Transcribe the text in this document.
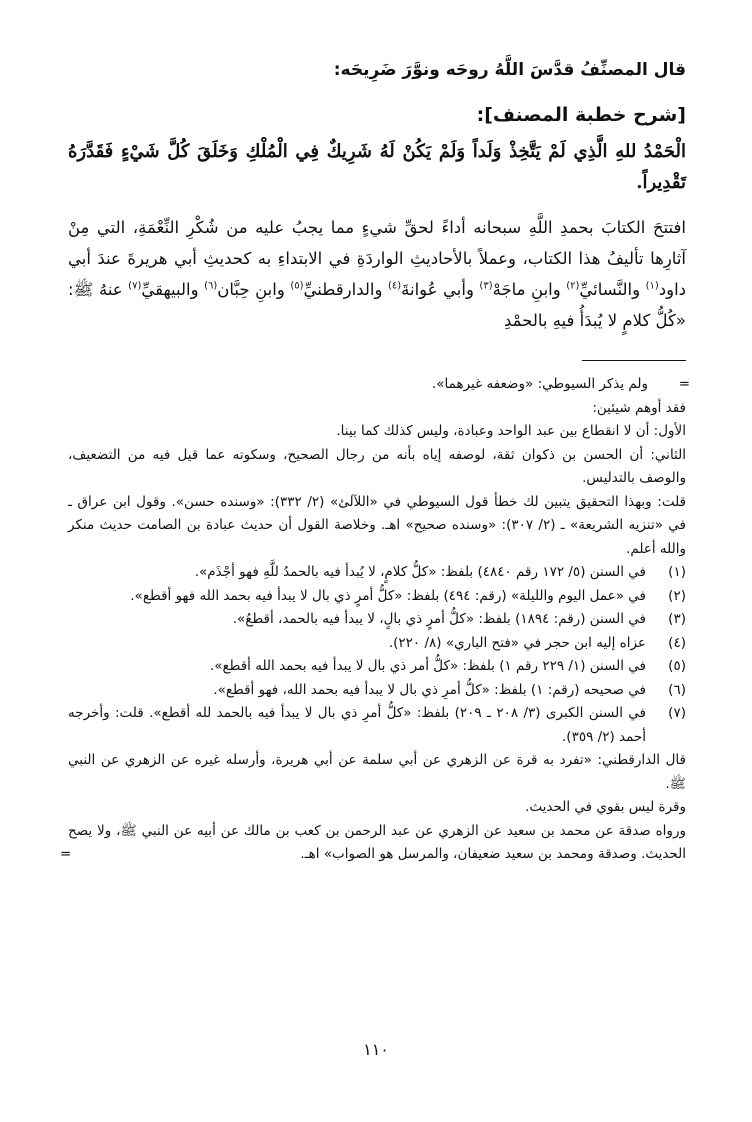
قال المصنِّفُ قدَّسَ اللَّهُ روحَه ونوَّرَ ضَرِيحَه:

[شرح خطبة المصنف]:

الْحَمْدُ للهِ الَّذِي لَمْ يَتَّخِذْ وَلَداً وَلَمْ يَكُنْ لَهُ شَرِيكٌ فِي الْمُلْكِ وَخَلَقَ كُلَّ شَيْءٍ فَقَدَّرَهُ تَقْدِيراً.

افتتحَ الكتابَ بحمدِ اللَّهِ سبحانه أداءً لحقِّ شيءٍ مما يجبُ عليه من شُكْرِ النِّعْمَةِ، التي مِنْ آثارِها تأليفُ هذا الكتاب، وعملاً بالأحاديثِ الواردَةِ في الابتداءِ به كحديثِ أبي هريرةَ عندَ أبي داود$^{(١)}$ والنَّسائيِّ$^{(٢)}$ وابنِ ماجَهْ$^{(٣)}$ وأبي عُوانةَ$^{(٤)}$ والدارقطنيِّ$^{(٥)}$ وابنِ حِبَّان$^{(٦)}$ والبيهقيِّ$^{(٧)}$ عنهُ ﷺ: «كُلُّ كلامٍ لا يُبدَأُ فيهِ بالحمْدِ

=

ولم يذكر السيوطي: «وضعفه غيرهما».

فقد أوهم شيئين:

الأول: أن لا انقطاع بين عبد الواحد وعبادة، وليس كذلك كما بينا.

الثاني: أن الحسن بن ذكوان ثقة، لوصفه إياه بأنه من رجال الصحيح، وسكوته عما قيل فيه من التضعيف، والوصف بالتدليس.

قلت: وبهذا التحقيق يتبين لك خطأ قول السيوطي في «اللآلئ» (٢/ ٣٣٢): «وسنده حسن». وقول ابن عراق ـ في «تنزيه الشريعة» ـ (٢/ ٣٠٧): «وسنده صحيح» اهـ. وخلاصة القول أن حديث عبادة بن الصامت حديث منكر والله أعلم.

(١)
في السنن (٥/ ١٧٢ رقم ٤٨٤٠) بلفظ: «كلُّ كلامٍ، لا يُبدأ فيه بالحمدُ للَّهِ فهو أجْذَم».
(٢)
في «عمل اليوم والليلة» (رقم: ٤٩٤) بلفظ: «كلُّ أمرٍ ذي بال لا يبدأ فيه بحمد الله فهو أقطع».
(٣)
في السنن (رقم: ١٨٩٤) بلفظ: «كلُّ أمرٍ ذي بالٍ، لا يبدأ فيه بالحمد، أقطعُ».
(٤)
عزاه إليه ابن حجر في «فتح الباري» (٨/ ٢٢٠).
(٥)
في السنن (١/ ٢٢٩ رقم ١) بلفظ: «كلُّ أمر ذي بال لا يبدأ فيه بحمد الله أقطع».
(٦)
في صحيحه (رقم: ١) بلفظ: «كلُّ أمرِ ذي بال لا يبدأ فيه بحمد الله، فهو أقطع».
(٧)
في السنن الكبرى (٣/ ٢٠٨ ـ ٢٠٩) بلفظ: «كلُّ أمرِ ذي بال لا يبدأ فيه بالحمد لله أقطع». قلت: وأخرجه أحمد (٢/ ٣٥٩).

قال الدارقطني: «تفرد به قرة عن الزهري عن أبي سلمة عن أبي هريرة، وأرسله غيره عن الزهري عن النبي ﷺ.

وقرة ليس بقوي في الحديث.

ورواه صدقة عن محمد بن سعيد عن الزهري عن عبد الرحمن بن كعب بن مالك عن أبيه عن النبي ﷺ، ولا يصح الحديث. وصدقة ومحمد بن سعيد ضعيفان، والمرسل هو الصواب» اهـ.
=

١١٠
